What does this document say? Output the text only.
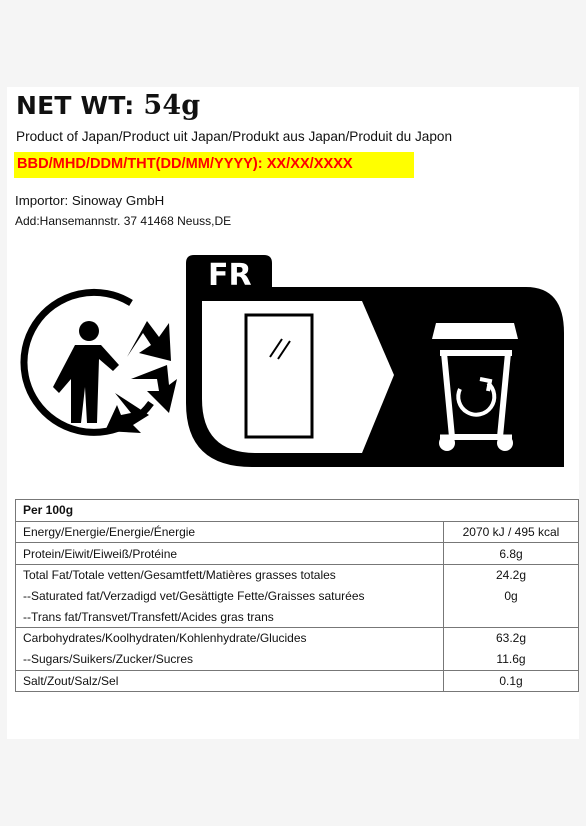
NET WT: 54g
Product of Japan/Product uit Japan/Produkt aus Japan/Produit du Japon
BBD/MHD/DDM/THT(DD/MM/YYYY): XX/XX/XXXX
Importor: Sinoway GmbH
Add:Hansemannstr. 37 41468 Neuss,DE
FR
Per 100g	
Energy/Energie/Energie/Énergie	2070 kJ / 495 kcal
Protein/Eiwit/Eiweiß/Protéine	6.8g
Total Fat/Totale vetten/Gesamtfett/Matières grasses totales	24.2g
--Saturated fat/Verzadigd vet/Gesättigte Fette/Graisses saturées	0g
--Trans fat/Transvet/Transfett/Acides gras trans	
Carbohydrates/Koolhydraten/Kohlenhydrate/Glucides	63.2g
--Sugars/Suikers/Zucker/Sucres	11.6g
Salt/Zout/Salz/Sel	0.1g
